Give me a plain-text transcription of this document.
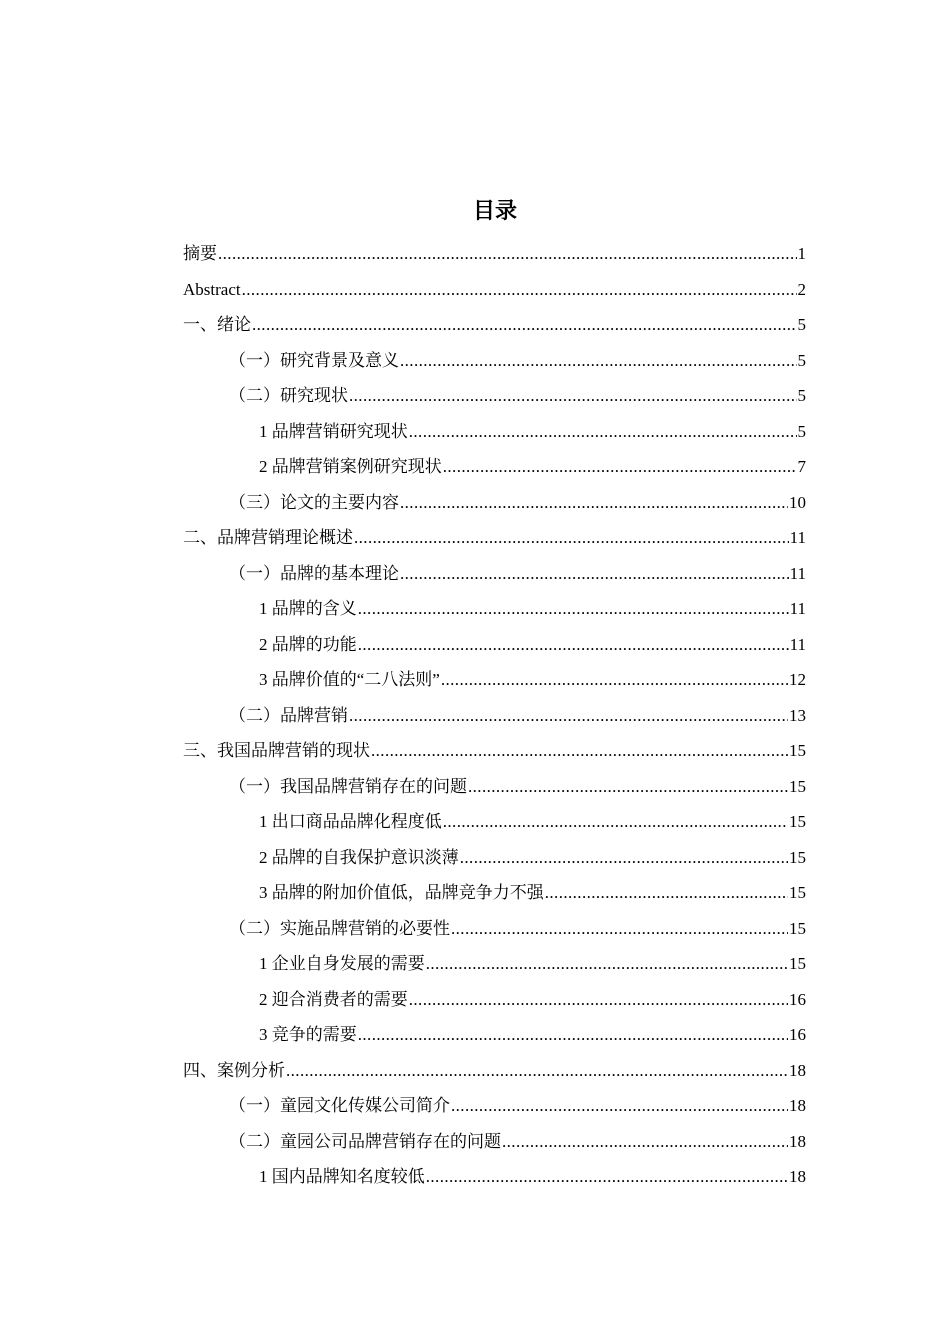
目录
摘要 .....	1
Abstract .....	2
一、绪论 .....	5
（一）研究背景及意义 .....	5
（二）研究现状 .....	5
1 品牌营销研究现状 .....	5
2 品牌营销案例研究现状 .....	7
（三）论文的主要内容 .....	10
二、品牌营销理论概述 .....	11
（一）品牌的基本理论 .....	11
1 品牌的含义 .....	11
2 品牌的功能 .....	11
3 品牌价值的“二八法则” .....	12
（二）品牌营销 .....	13
三、我国品牌营销的现状 .....	15
（一）我国品牌营销存在的问题 .....	15
1 出口商品品牌化程度低 .....	15
2 品牌的自我保护意识淡薄 .....	15
3 品牌的附加价值低，品牌竞争力不强 .....	15
（二）实施品牌营销的必要性 .....	15
1 企业自身发展的需要 .....	15
2 迎合消费者的需要 .....	16
3 竞争的需要 .....	16
四、案例分析 .....	18
（一）童园文化传媒公司简介 .....	18
（二）童园公司品牌营销存在的问题 .....	18
1 国内品牌知名度较低 .....	18
